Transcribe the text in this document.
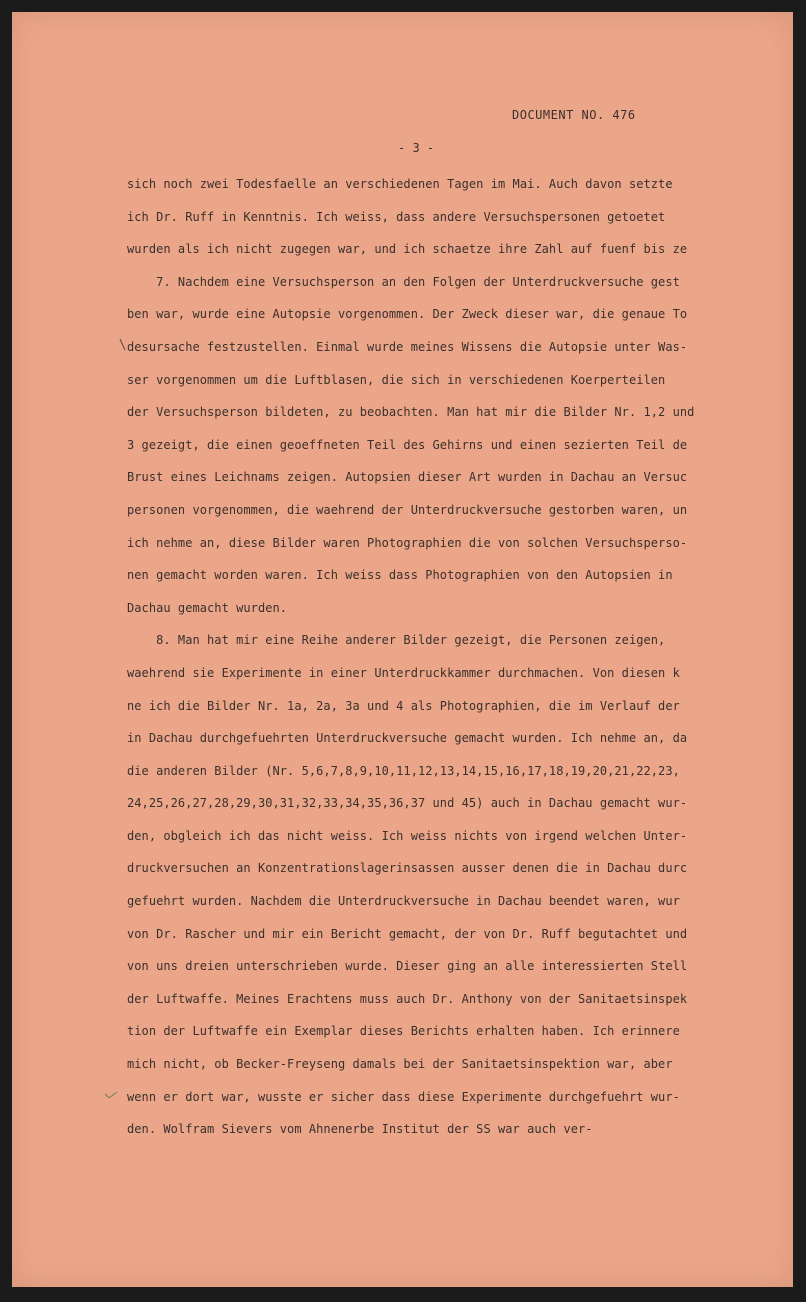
DOCUMENT NO. 476
- 3 -
sich noch zwei Todesfaelle an verschiedenen Tagen im Mai. Auch davon setzte
ich Dr. Ruff in Kenntnis. Ich weiss, dass andere Versuchspersonen getoetet
wurden als ich nicht zugegen war, und ich schaetze ihre Zahl auf fuenf bis ze
7. Nachdem eine Versuchsperson an den Folgen der Unterdruckversuche gest
ben war, wurde eine Autopsie vorgenommen. Der Zweck dieser war, die genaue To
desursache festzustellen. Einmal wurde meines Wissens die Autopsie unter Was-
ser vorgenommen um die Luftblasen, die sich in verschiedenen Koerperteilen
der Versuchsperson bildeten, zu beobachten. Man hat mir die Bilder Nr. 1,2 und
3 gezeigt, die einen geoeffneten Teil des Gehirns und einen sezierten Teil de
Brust eines Leichnams zeigen. Autopsien dieser Art wurden in Dachau an Versuc
personen vorgenommen, die waehrend der Unterdruckversuche gestorben waren, un
ich nehme an, diese Bilder waren Photographien die von solchen Versuchsperso-
nen gemacht worden waren. Ich weiss dass Photographien von den Autopsien in
Dachau gemacht wurden.
8. Man hat mir eine Reihe anderer Bilder gezeigt, die Personen zeigen,
waehrend sie Experimente in einer Unterdruckkammer durchmachen. Von diesen k
ne ich die Bilder Nr. 1a, 2a, 3a und 4 als Photographien, die im Verlauf der
in Dachau durchgefuehrten Unterdruckversuche gemacht wurden. Ich nehme an, da
die anderen Bilder (Nr. 5,6,7,8,9,10,11,12,13,14,15,16,17,18,19,20,21,22,23,
24,25,26,27,28,29,30,31,32,33,34,35,36,37 und 45) auch in Dachau gemacht wur-
den, obgleich ich das nicht weiss. Ich weiss nichts von irgend welchen Unter-
druckversuchen an Konzentrationslagerinsassen ausser denen die in Dachau durc
gefuehrt wurden. Nachdem die Unterdruckversuche in Dachau beendet waren, wur
von Dr. Rascher und mir ein Bericht gemacht, der von Dr. Ruff begutachtet und
von uns dreien unterschrieben wurde. Dieser ging an alle interessierten Stell
der Luftwaffe. Meines Erachtens muss auch Dr. Anthony von der Sanitaetsinspek
tion der Luftwaffe ein Exemplar dieses Berichts erhalten haben. Ich erinnere
mich nicht, ob Becker-Freyseng damals bei der Sanitaetsinspektion war, aber
wenn er dort war, wusste er sicher dass diese Experimente durchgefuehrt wur-
den. Wolfram Sievers vom Ahnenerbe Institut der SS war auch ver-
